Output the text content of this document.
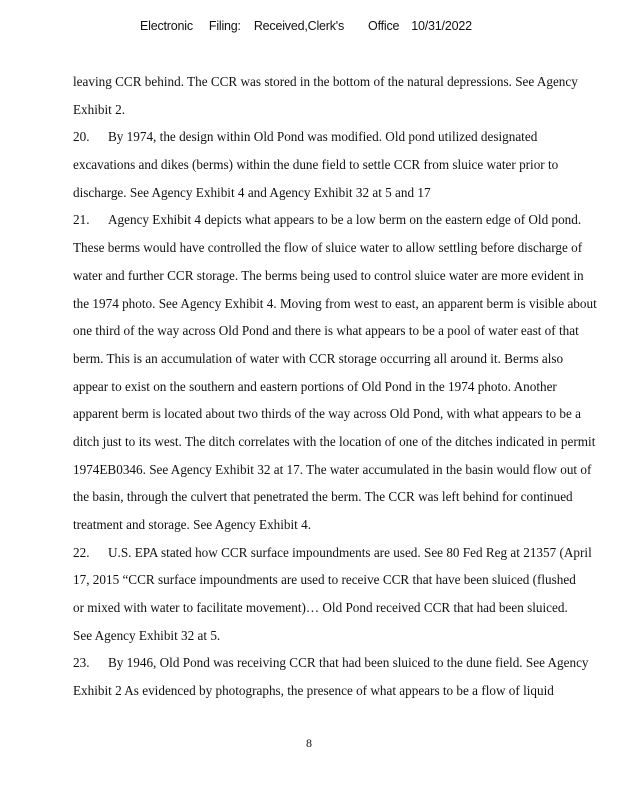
Electronic Filing: Received,Clerk's Office 10/31/2022
leaving CCR behind. The CCR was stored in the bottom of the natural depressions. See Agency
Exhibit 2.
20. By 1974, the design within Old Pond was modified. Old pond utilized designated
excavations and dikes (berms) within the dune field to settle CCR from sluice water prior to
discharge. See Agency Exhibit 4 and Agency Exhibit 32 at 5 and 17
21. Agency Exhibit 4 depicts what appears to be a low berm on the eastern edge of Old pond.
These berms would have controlled the flow of sluice water to allow settling before discharge of
water and further CCR storage. The berms being used to control sluice water are more evident in
the 1974 photo. See Agency Exhibit 4. Moving from west to east, an apparent berm is visible about
one third of the way across Old Pond and there is what appears to be a pool of water east of that
berm. This is an accumulation of water with CCR storage occurring all around it. Berms also
appear to exist on the southern and eastern portions of Old Pond in the 1974 photo. Another
apparent berm is located about two thirds of the way across Old Pond, with what appears to be a
ditch just to its west. The ditch correlates with the location of one of the ditches indicated in permit
1974EB0346. See Agency Exhibit 32 at 17. The water accumulated in the basin would flow out of
the basin, through the culvert that penetrated the berm. The CCR was left behind for continued
treatment and storage. See Agency Exhibit 4.
22. U.S. EPA stated how CCR surface impoundments are used. See 80 Fed Reg at 21357 (April
17, 2015 “CCR surface impoundments are used to receive CCR that have been sluiced (flushed
or mixed with water to facilitate movement)… Old Pond received CCR that had been sluiced.
See Agency Exhibit 32 at 5.
23. By 1946, Old Pond was receiving CCR that had been sluiced to the dune field. See Agency
Exhibit 2 As evidenced by photographs, the presence of what appears to be a flow of liquid
8
